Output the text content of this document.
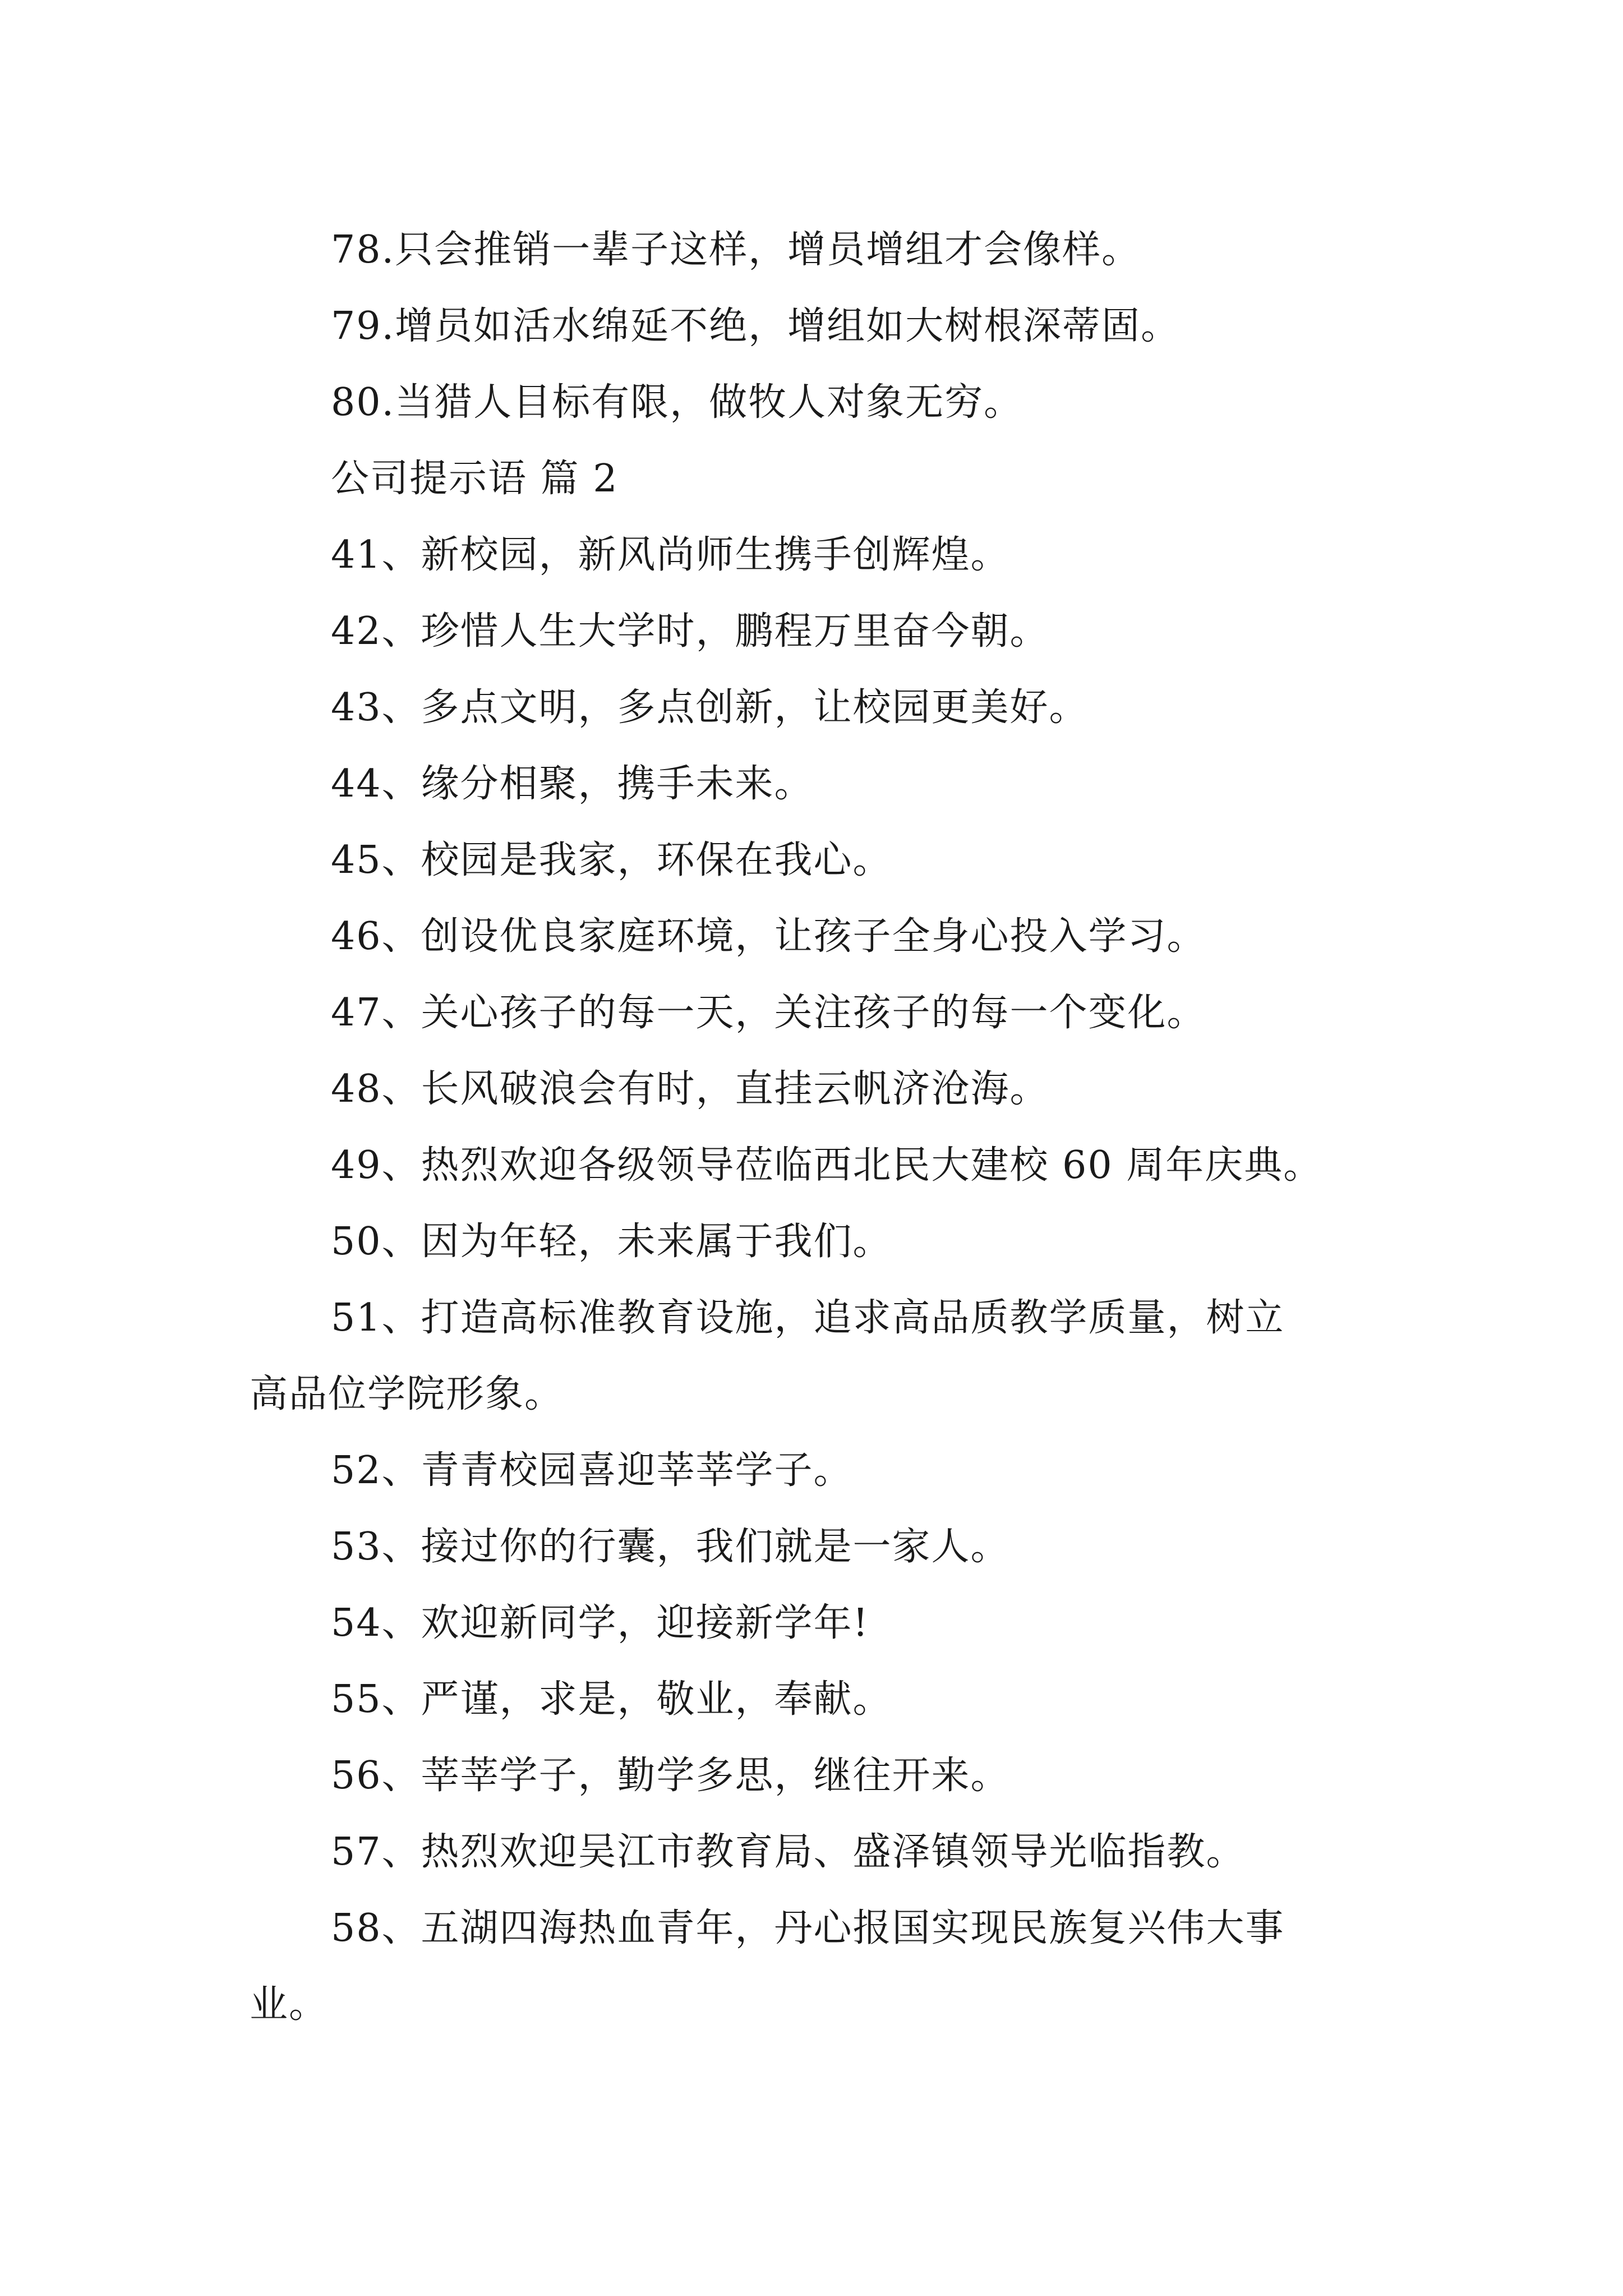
78.只会推销一辈子这样，增员增组才会像样。

79.增员如活水绵延不绝，增组如大树根深蒂固。

80.当猎人目标有限，做牧人对象无穷。

公司提示语 篇 2

41、新校园，新风尚师生携手创辉煌。

42、珍惜人生大学时，鹏程万里奋今朝。

43、多点文明，多点创新，让校园更美好。

44、缘分相聚，携手未来。

45、校园是我家，环保在我心。

46、创设优良家庭环境，让孩子全身心投入学习。

47、关心孩子的每一天，关注孩子的每一个变化。

48、长风破浪会有时，直挂云帆济沧海。

49、热烈欢迎各级领导莅临西北民大建校 60 周年庆典。

50、因为年轻，未来属于我们。

51、打造高标准教育设施，追求高品质教学质量，树立

高品位学院形象。

52、青青校园喜迎莘莘学子。

53、接过你的行囊，我们就是一家人。

54、欢迎新同学，迎接新学年!

55、严谨，求是，敬业，奉献。

56、莘莘学子，勤学多思，继往开来。

57、热烈欢迎吴江市教育局、盛泽镇领导光临指教。

58、五湖四海热血青年，丹心报国实现民族复兴伟大事

业。
